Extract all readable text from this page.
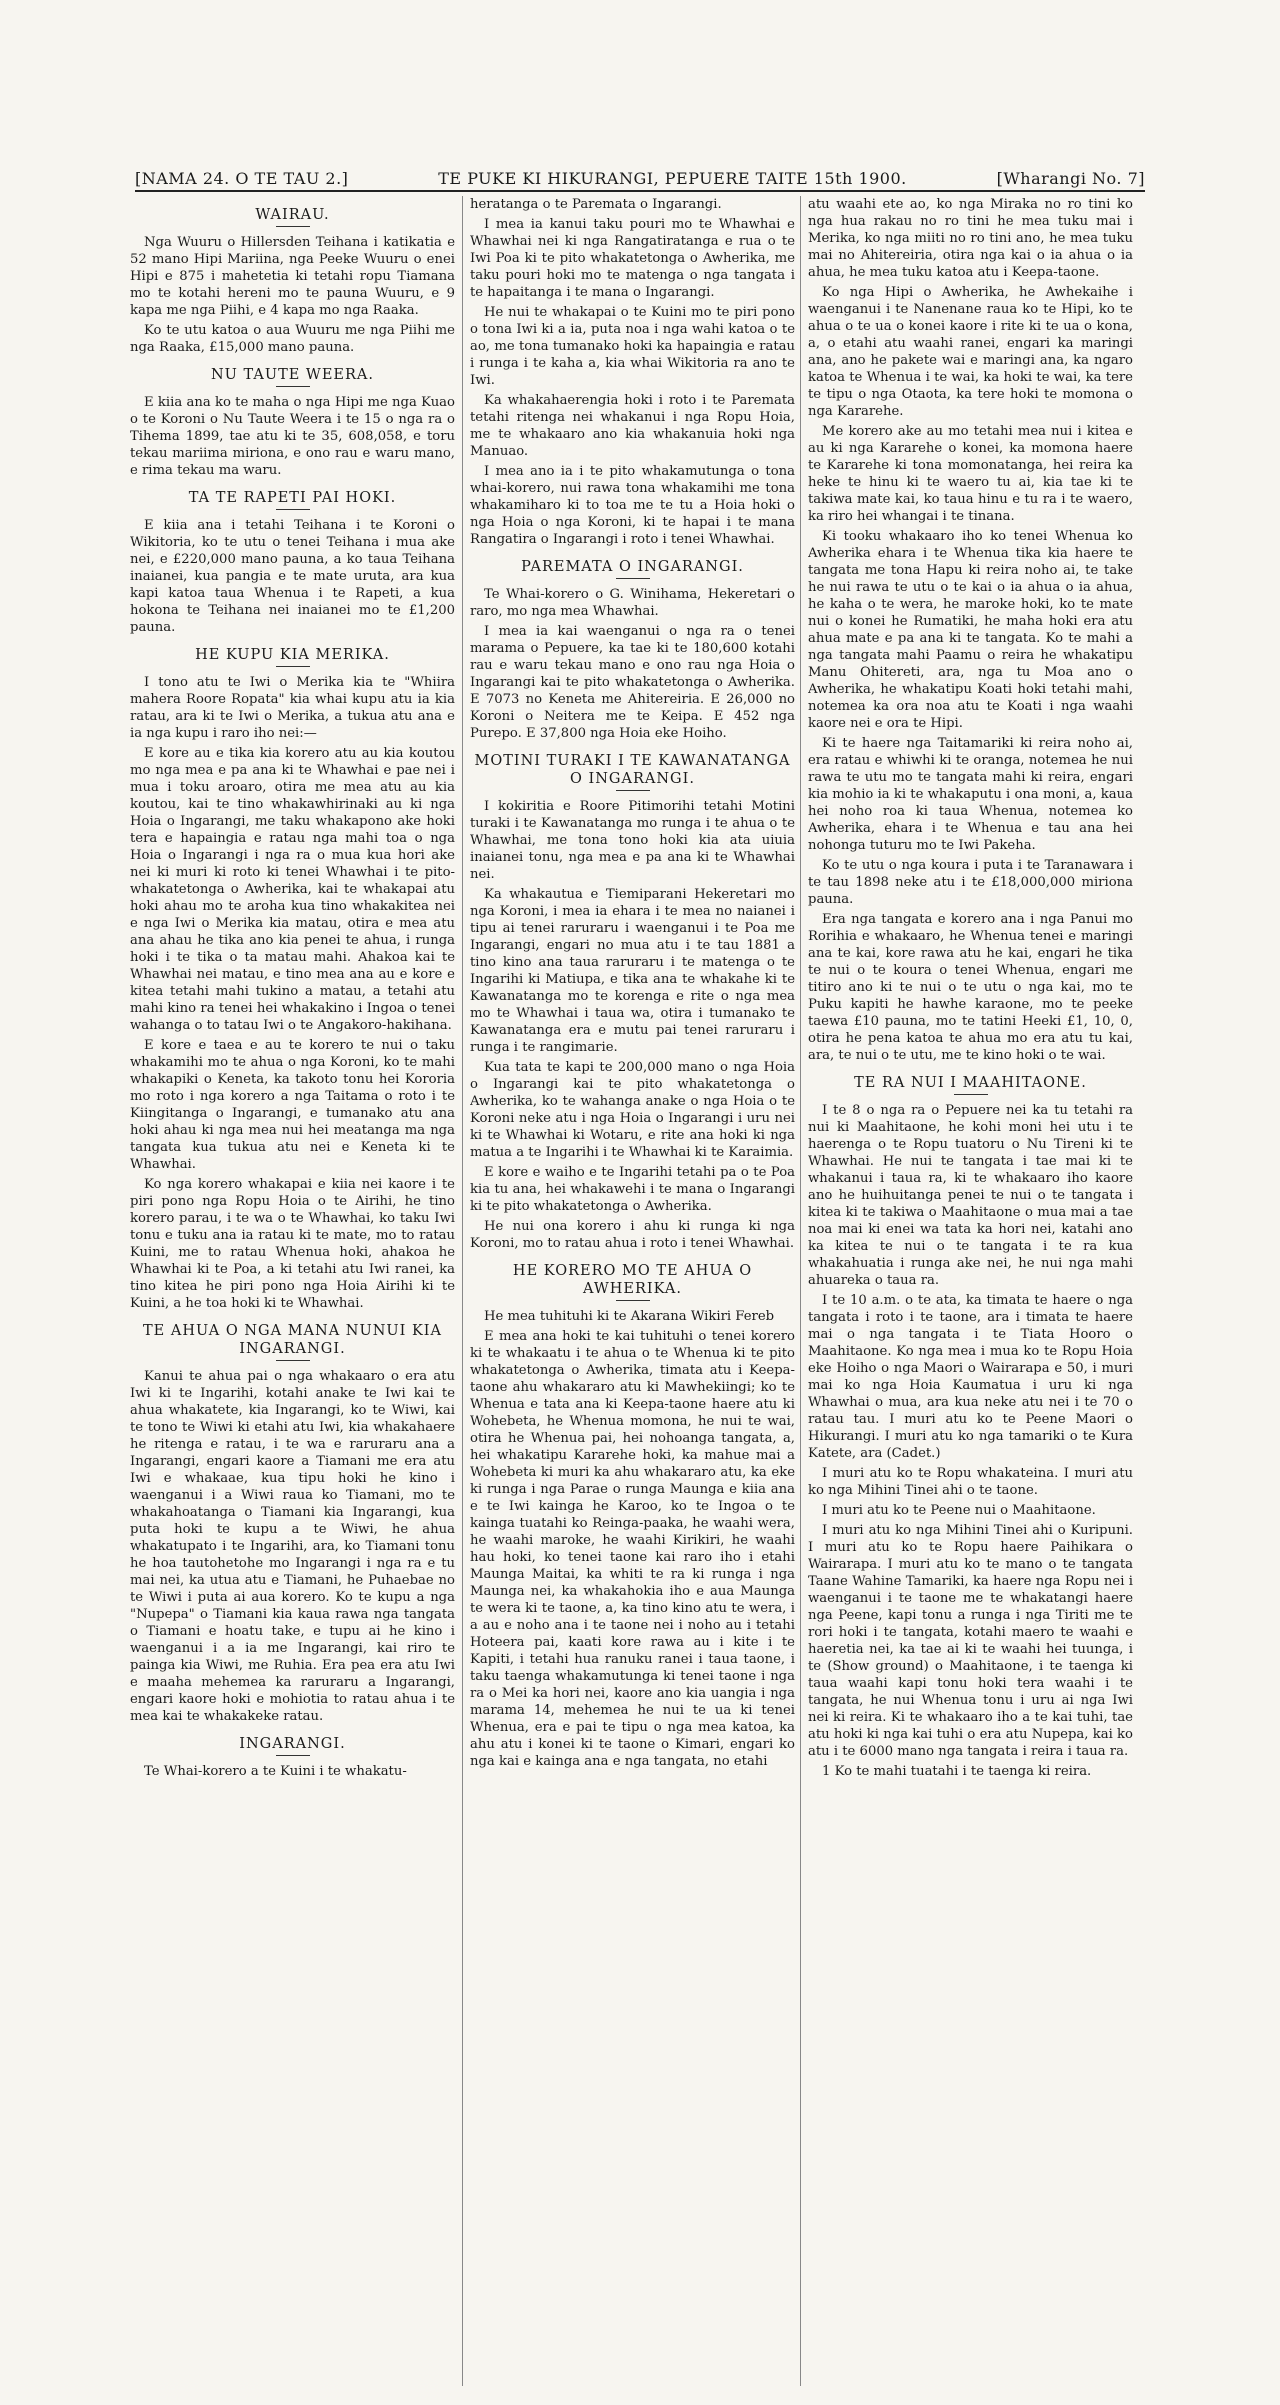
[NAMA 24. O TE TAU 2.]	TE PUKE KI HIKURANGI, PEPUERE TAITE 15th 1900.	[Wharangi No. 7]
WAIRAU.

Nga Wuuru o Hillersden Teihana i katikatia e 52 mano Hipi Mariina, nga Peeke Wuuru o enei Hipi e 875 i mahetetia ki tetahi ropu Tiamana mo te kotahi hereni mo te pauna Wuuru, e 9 kapa me nga Piihi, e 4 kapa mo nga Raaka.

Ko te utu katoa o aua Wuuru me nga Piihi me nga Raaka, £15,000 mano pauna.

NU TAUTE WEERA.

E kiia ana ko te maha o nga Hipi me nga Kuao o te Koroni o Nu Taute Weera i te 15 o nga ra o Tihema 1899, tae atu ki te 35, 608,058, e toru tekau mariima miriona, e ono rau e waru mano, e rima tekau ma waru.

TA TE RAPETI PAI HOKI.

E kiia ana i tetahi Teihana i te Koroni o Wikitoria, ko te utu o tenei Teihana i mua ake nei, e £220,000 mano pauna, a ko taua Teihana inaianei, kua pangia e te mate uruta, ara kua kapi katoa taua Whenua i te Rapeti, a kua hokona te Teihana nei inaianei mo te £1,200 pauna.

HE KUPU KIA MERIKA.

I tono atu te Iwi o Merika kia te "Whiira mahera Roore Ropata" kia whai kupu atu ia kia ratau, ara ki te Iwi o Merika, a tukua atu ana e ia nga kupu i raro iho nei:—

E kore au e tika kia korero atu au kia koutou mo nga mea e pa ana ki te Whawhai e pae nei i mua i toku aroaro, otira me mea atu au kia koutou, kai te tino whakawhirinaki au ki nga Hoia o Ingarangi, me taku whakapono ake hoki tera e hapaingia e ratau nga mahi toa o nga Hoia o Ingarangi i nga ra o mua kua hori ake nei ki muri ki roto ki tenei Whawhai i te pito-whakatetonga o Awherika, kai te whakapai atu hoki ahau mo te aroha kua tino whakakitea nei e nga Iwi o Merika kia matau, otira e mea atu ana ahau he tika ano kia penei te ahua, i runga hoki i te tika o ta matau mahi. Ahakoa kai te Whawhai nei matau, e tino mea ana au e kore e kitea tetahi mahi tukino a matau, a tetahi atu mahi kino ra tenei hei whakakino i Ingoa o tenei wahanga o to tatau Iwi o te Angakoro-hakihana.

E kore e taea e au te korero te nui o taku whakamihi mo te ahua o nga Koroni, ko te mahi whakapiki o Keneta, ka takoto tonu hei Kororia mo roto i nga korero a nga Taitama o roto i te Kiingitanga o Ingarangi, e tumanako atu ana hoki ahau ki nga mea nui hei meatanga ma nga tangata kua tukua atu nei e Keneta ki te Whawhai.

Ko nga korero whakapai e kiia nei kaore i te piri pono nga Ropu Hoia o te Airihi, he tino korero parau, i te wa o te Whawhai, ko taku Iwi tonu e tuku ana ia ratau ki te mate, mo to ratau Kuini, me to ratau Whenua hoki, ahakoa he Whawhai ki te Poa, a ki tetahi atu Iwi ranei, ka tino kitea he piri pono nga Hoia Airihi ki te Kuini, a he toa hoki ki te Whawhai.

TE AHUA O NGA MANA NUNUI KIA INGARANGI.

Kanui te ahua pai o nga whakaaro o era atu Iwi ki te Ingarihi, kotahi anake te Iwi kai te ahua whakatete, kia Ingarangi, ko te Wiwi, kai te tono te Wiwi ki etahi atu Iwi, kia whakahaere he ritenga e ratau, i te wa e raruraru ana a Ingarangi, engari kaore a Tiamani me era atu Iwi e whakaae, kua tipu hoki he kino i waenganui i a Wiwi raua ko Tiamani, mo te whakahoatanga o Tiamani kia Ingarangi, kua puta hoki te kupu a te Wiwi, he ahua whakatupato i te Ingarihi, ara, ko Tiamani tonu he hoa tautohetohe mo Ingarangi i nga ra e tu mai nei, ka utua atu e Tiamani, he Puhaebae no te Wiwi i puta ai aua korero. Ko te kupu a nga "Nupepa" o Tiamani kia kaua rawa nga tangata o Tiamani e hoatu take, e tupu ai he kino i waenganui i a ia me Ingarangi, kai riro te painga kia Wiwi, me Ruhia. Era pea era atu Iwi e maaha mehemea ka raruraru a Ingarangi, engari kaore hoki e mohiotia to ratau ahua i te mea kai te whakakeke ratau.

INGARANGI.

Te Whai-korero a te Kuini i te whakatu-

heratanga o te Paremata o Ingarangi.

I mea ia kanui taku pouri mo te Whawhai e Whawhai nei ki nga Rangatiratanga e rua o te Iwi Poa ki te pito whakatetonga o Awherika, me taku pouri hoki mo te matenga o nga tangata i te hapaitanga i te mana o Ingarangi.

He nui te whakapai o te Kuini mo te piri pono o tona Iwi ki a ia, puta noa i nga wahi katoa o te ao, me tona tumanako hoki ka hapaingia e ratau i runga i te kaha a, kia whai Wikitoria ra ano te Iwi.

Ka whakahaerengia hoki i roto i te Paremata tetahi ritenga nei whakanui i nga Ropu Hoia, me te whakaaro ano kia whakanuia hoki nga Manuao.

I mea ano ia i te pito whakamutunga o tona whai-korero, nui rawa tona whakamihi me tona whakamiharo ki to toa me te tu a Hoia hoki o nga Hoia o nga Koroni, ki te hapai i te mana Rangatira o Ingarangi i roto i tenei Whawhai.

PAREMATA O INGARANGI.

Te Whai-korero o G. Winihama, Hekeretari o raro, mo nga mea Whawhai.

I mea ia kai waenganui o nga ra o tenei marama o Pepuere, ka tae ki te 180,600 kotahi rau e waru tekau mano e ono rau nga Hoia o Ingarangi kai te pito whakatetonga o Awherika. E 7073 no Keneta me Ahitereiria. E 26,000 no Koroni o Neitera me te Keipa. E 452 nga Purepo. E 37,800 nga Hoia eke Hoiho.

MOTINI TURAKI I TE KAWANATANGA O INGARANGI.

I kokiritia e Roore Pitimorihi tetahi Motini turaki i te Kawanatanga mo runga i te ahua o te Whawhai, me tona tono hoki kia ata uiuia inaianei tonu, nga mea e pa ana ki te Whawhai nei.

Ka whakautua e Tiemiparani Hekeretari mo nga Koroni, i mea ia ehara i te mea no naianei i tipu ai tenei raruraru i waenganui i te Poa me Ingarangi, engari no mua atu i te tau 1881 a tino kino ana taua raruraru i te matenga o te Ingarihi ki Matiupa, e tika ana te whakahe ki te Kawanatanga mo te korenga e rite o nga mea mo te Whawhai i taua wa, otira i tumanako te Kawanatanga era e mutu pai tenei raruraru i runga i te rangimarie.

Kua tata te kapi te 200,000 mano o nga Hoia o Ingarangi kai te pito whakatetonga o Awherika, ko te wahanga anake o nga Hoia o te Koroni neke atu i nga Hoia o Ingarangi i uru nei ki te Whawhai ki Wotaru, e rite ana hoki ki nga matua a te Ingarihi i te Whawhai ki te Karaimia.

E kore e waiho e te Ingarihi tetahi pa o te Poa kia tu ana, hei whakawehi i te mana o Ingarangi ki te pito whakatetonga o Awherika.

He nui ona korero i ahu ki runga ki nga Koroni, mo to ratau ahua i roto i tenei Whawhai.

HE KORERO MO TE AHUA O AWHERIKA.

He mea tuhituhi ki te Akarana Wikiri Fereb

E mea ana hoki te kai tuhituhi o tenei korero ki te whakaatu i te ahua o te Whenua ki te pito whakatetonga o Awherika, timata atu i Keepa-taone ahu whakararo atu ki Mawhekiingi; ko te Whenua e tata ana ki Keepa-taone haere atu ki Wohebeta, he Whenua momona, he nui te wai, otira he Whenua pai, hei nohoanga tangata, a, hei whakatipu Kararehe hoki, ka mahue mai a Wohebeta ki muri ka ahu whakararo atu, ka eke ki runga i nga Parae o runga Maunga e kiia ana e te Iwi kainga he Karoo, ko te Ingoa o te kainga tuatahi ko Reinga-paaka, he waahi wera, he waahi maroke, he waahi Kirikiri, he waahi hau hoki, ko tenei taone kai raro iho i etahi Maunga Maitai, ka whiti te ra ki runga i nga Maunga nei, ka whakahokia iho e aua Maunga te wera ki te taone, a, ka tino kino atu te wera, i a au e noho ana i te taone nei i noho au i tetahi Hoteera pai, kaati kore rawa au i kite i te Kapiti, i tetahi hua ranuku ranei i taua taone, i taku taenga whakamutunga ki tenei taone i nga ra o Mei ka hori nei, kaore ano kia uangia i nga marama 14, mehemea he nui te ua ki tenei Whenua, era e pai te tipu o nga mea katoa, ka ahu atu i konei ki te taone o Kimari, engari ko nga kai e kainga ana e nga tangata, no etahi

atu waahi ete ao, ko nga Miraka no ro tini ko nga hua rakau no ro tini he mea tuku mai i Merika, ko nga miiti no ro tini ano, he mea tuku mai no Ahitereiria, otira nga kai o ia ahua o ia ahua, he mea tuku katoa atu i Keepa-taone.

Ko nga Hipi o Awherika, he Awhekaihe i waenganui i te Nanenane raua ko te Hipi, ko te ahua o te ua o konei kaore i rite ki te ua o kona, a, o etahi atu waahi ranei, engari ka maringi ana, ano he pakete wai e maringi ana, ka ngaro katoa te Whenua i te wai, ka hoki te wai, ka tere te tipu o nga Otaota, ka tere hoki te momona o nga Kararehe.

Me korero ake au mo tetahi mea nui i kitea e au ki nga Kararehe o konei, ka momona haere te Kararehe ki tona momonatanga, hei reira ka heke te hinu ki te waero tu ai, kia tae ki te takiwa mate kai, ko taua hinu e tu ra i te waero, ka riro hei whangai i te tinana.

Ki tooku whakaaro iho ko tenei Whenua ko Awherika ehara i te Whenua tika kia haere te tangata me tona Hapu ki reira noho ai, te take he nui rawa te utu o te kai o ia ahua o ia ahua, he kaha o te wera, he maroke hoki, ko te mate nui o konei he Rumatiki, he maha hoki era atu ahua mate e pa ana ki te tangata. Ko te mahi a nga tangata mahi Paamu o reira he whakatipu Manu Ohitereti, ara, nga tu Moa ano o Awherika, he whakatipu Koati hoki tetahi mahi, notemea ka ora noa atu te Koati i nga waahi kaore nei e ora te Hipi.

Ki te haere nga Taitamariki ki reira noho ai, era ratau e whiwhi ki te oranga, notemea he nui rawa te utu mo te tangata mahi ki reira, engari kia mohio ia ki te whakaputu i ona moni, a, kaua hei noho roa ki taua Whenua, notemea ko Awherika, ehara i te Whenua e tau ana hei nohonga tuturu mo te Iwi Pakeha.

Ko te utu o nga koura i puta i te Taranawara i te tau 1898 neke atu i te £18,000,000 miriona pauna.

Era nga tangata e korero ana i nga Panui mo Rorihia e whakaaro, he Whenua tenei e maringi ana te kai, kore rawa atu he kai, engari he tika te nui o te koura o tenei Whenua, engari me titiro ano ki te nui o te utu o nga kai, mo te Puku kapiti he hawhe karaone, mo te peeke taewa £10 pauna, mo te tatini Heeki £1, 10, 0, otira he pena katoa te ahua mo era atu tu kai, ara, te nui o te utu, me te kino hoki o te wai.

TE RA NUI I MAAHITAONE.

I te 8 o nga ra o Pepuere nei ka tu tetahi ra nui ki Maahitaone, he kohi moni hei utu i te haerenga o te Ropu tuatoru o Nu Tireni ki te Whawhai. He nui te tangata i tae mai ki te whakanui i taua ra, ki te whakaaro iho kaore ano he huihuitanga penei te nui o te tangata i kitea ki te takiwa o Maahitaone o mua mai a tae noa mai ki enei wa tata ka hori nei, katahi ano ka kitea te nui o te tangata i te ra kua whakahuatia i runga ake nei, he nui nga mahi ahuareka o taua ra.

I te 10 a.m. o te ata, ka timata te haere o nga tangata i roto i te taone, ara i timata te haere mai o nga tangata i te Tiata Hooro o Maahitaone. Ko nga mea i mua ko te Ropu Hoia eke Hoiho o nga Maori o Wairarapa e 50, i muri mai ko nga Hoia Kaumatua i uru ki nga Whawhai o mua, ara kua neke atu nei i te 70 o ratau tau. I muri atu ko te Peene Maori o Hikurangi. I muri atu ko nga tamariki o te Kura Katete, ara (Cadet.)

I muri atu ko te Ropu whakateina. I muri atu ko nga Mihini Tinei ahi o te taone.

I muri atu ko te Peene nui o Maahitaone.

I muri atu ko nga Mihini Tinei ahi o Kuripuni. I muri atu ko te Ropu haere Paihikara o Wairarapa. I muri atu ko te mano o te tangata Taane Wahine Tamariki, ka haere nga Ropu nei i waenganui i te taone me te whakatangi haere nga Peene, kapi tonu a runga i nga Tiriti me te rori hoki i te tangata, kotahi maero te waahi e haeretia nei, ka tae ai ki te waahi hei tuunga, i te (Show ground) o Maahitaone, i te taenga ki taua waahi kapi tonu hoki tera waahi i te tangata, he nui Whenua tonu i uru ai nga Iwi nei ki reira. Ki te whakaaro iho a te kai tuhi, tae atu hoki ki nga kai tuhi o era atu Nupepa, kai ko atu i te 6000 mano nga tangata i reira i taua ra.

1 Ko te mahi tuatahi i te taenga ki reira.
